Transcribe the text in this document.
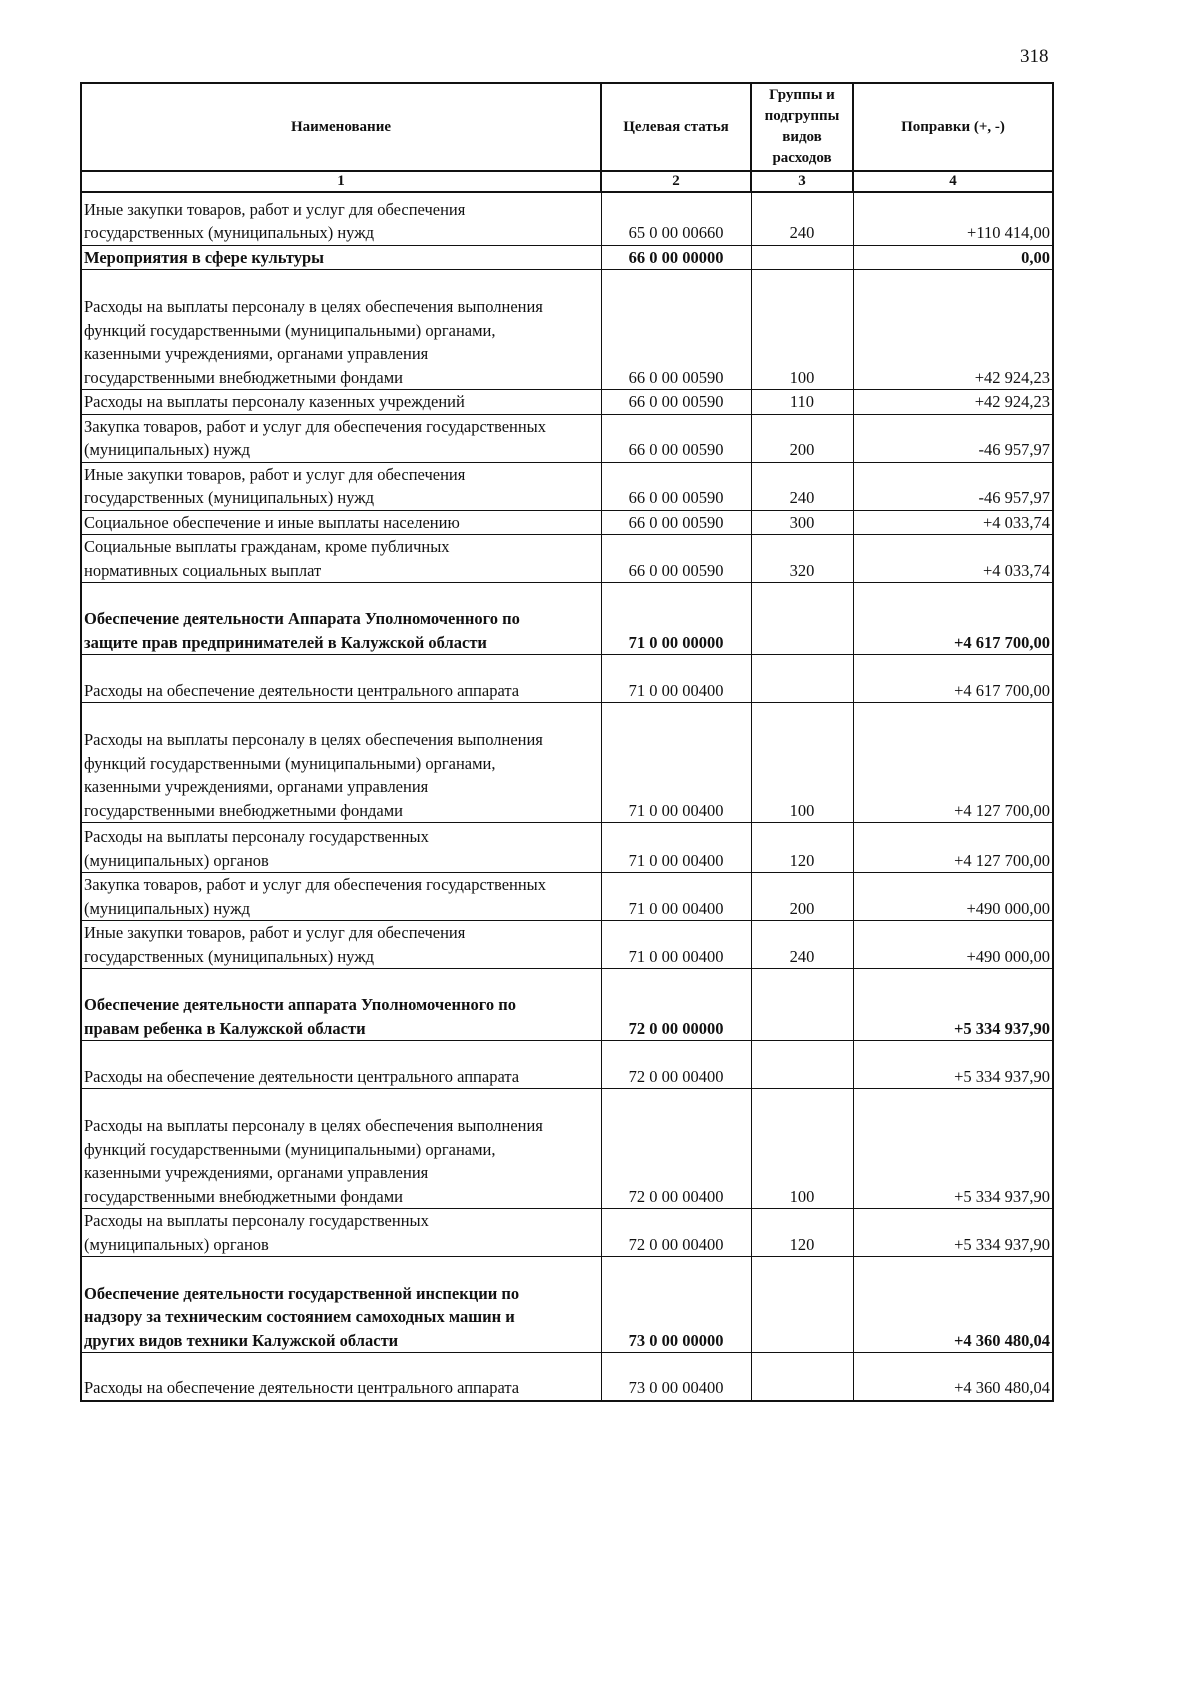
318
Наименование	Целевая статья	Группы и подгруппы видов расходов	Поправки (+, -)
1	2	3	4
Иные закупки товаров, работ и услуг для обеспечения
государственных (муниципальных) нужд	65 0 00 00660	240	+110 414,00
Мероприятия в сфере культуры	66 0 00 00000		0,00
Расходы на выплаты персоналу в целях обеспечения выполнения
функций государственными (муниципальными) органами,
казенными учреждениями, органами управления
государственными внебюджетными фондами	66 0 00 00590	100	+42 924,23
Расходы на выплаты персоналу казенных учреждений	66 0 00 00590	110	+42 924,23
Закупка товаров, работ и услуг для обеспечения государственных
(муниципальных) нужд	66 0 00 00590	200	-46 957,97
Иные закупки товаров, работ и услуг для обеспечения
государственных (муниципальных) нужд	66 0 00 00590	240	-46 957,97
Социальное обеспечение и иные выплаты населению	66 0 00 00590	300	+4 033,74
Социальные выплаты гражданам, кроме публичных
нормативных социальных выплат	66 0 00 00590	320	+4 033,74
Обеспечение деятельности Аппарата Уполномоченного по
защите прав предпринимателей в Калужской области	71 0 00 00000		+4 617 700,00
Расходы на обеспечение деятельности центрального аппарата	71 0 00 00400		+4 617 700,00
Расходы на выплаты персоналу в целях обеспечения выполнения
функций государственными (муниципальными) органами,
казенными учреждениями, органами управления
государственными внебюджетными фондами	71 0 00 00400	100	+4 127 700,00
Расходы на выплаты персоналу государственных
(муниципальных) органов	71 0 00 00400	120	+4 127 700,00
Закупка товаров, работ и услуг для обеспечения государственных
(муниципальных) нужд	71 0 00 00400	200	+490 000,00
Иные закупки товаров, работ и услуг для обеспечения
государственных (муниципальных) нужд	71 0 00 00400	240	+490 000,00
Обеспечение деятельности аппарата Уполномоченного по
правам ребенка в Калужской области	72 0 00 00000		+5 334 937,90
Расходы на обеспечение деятельности центрального аппарата	72 0 00 00400		+5 334 937,90
Расходы на выплаты персоналу в целях обеспечения выполнения
функций государственными (муниципальными) органами,
казенными учреждениями, органами управления
государственными внебюджетными фондами	72 0 00 00400	100	+5 334 937,90
Расходы на выплаты персоналу государственных
(муниципальных) органов	72 0 00 00400	120	+5 334 937,90
Обеспечение деятельности государственной инспекции по
надзору за техническим состоянием самоходных машин и
других видов техники Калужской области	73 0 00 00000		+4 360 480,04
Расходы на обеспечение деятельности центрального аппарата	73 0 00 00400		+4 360 480,04
